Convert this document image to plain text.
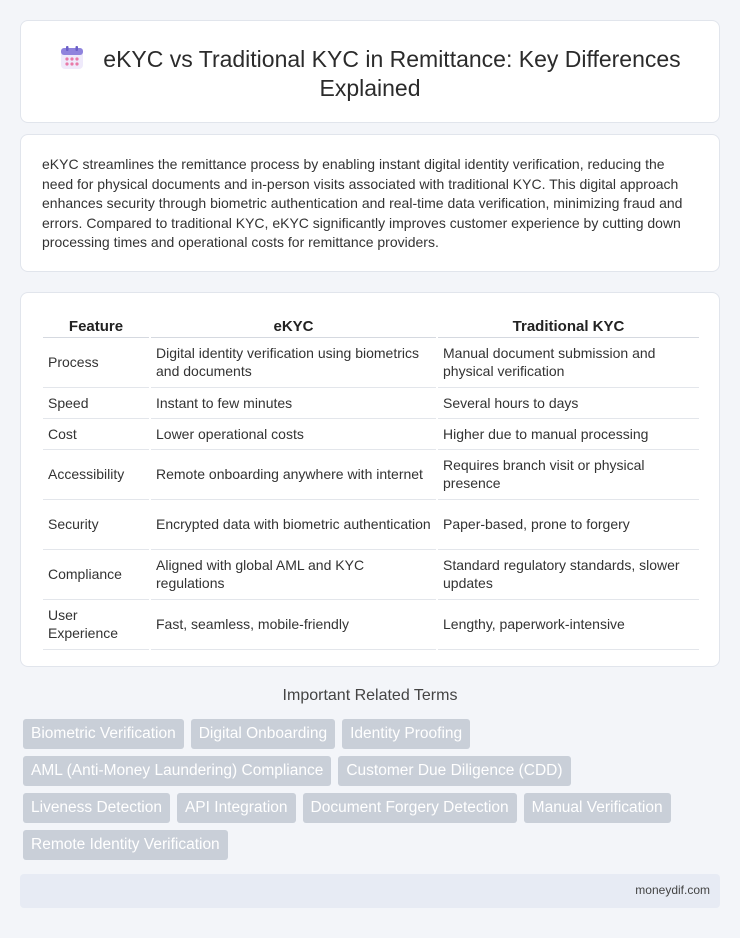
eKYC vs Traditional KYC in Remittance: Key Differences Explained

eKYC streamlines the remittance process by enabling instant digital identity verification, reducing the need for physical documents and in-person visits associated with traditional KYC. This digital approach enhances security through biometric authentication and real-time data verification, minimizing fraud and errors. Compared to traditional KYC, eKYC significantly improves customer experience by cutting down processing times and operational costs for remittance providers.

Feature	eKYC	Traditional KYC
Process	Digital identity verification using biometrics and documents	Manual document submission and physical verification
Speed	Instant to few minutes	Several hours to days
Cost	Lower operational costs	Higher due to manual processing
Accessibility	Remote onboarding anywhere with internet	Requires branch visit or physical presence
Security	Encrypted data with biometric authentication	Paper-based, prone to forgery
Compliance	Aligned with global AML and KYC regulations	Standard regulatory standards, slower updates
User Experience	Fast, seamless, mobile-friendly	Lengthy, paperwork-intensive
Important Related Terms
Biometric Verification	Digital Onboarding	Identity Proofing
AML (Anti-Money Laundering) Compliance	Customer Due Diligence (CDD)
Liveness Detection	API Integration	Document Forgery Detection	Manual Verification
Remote Identity Verification
moneydif.com
